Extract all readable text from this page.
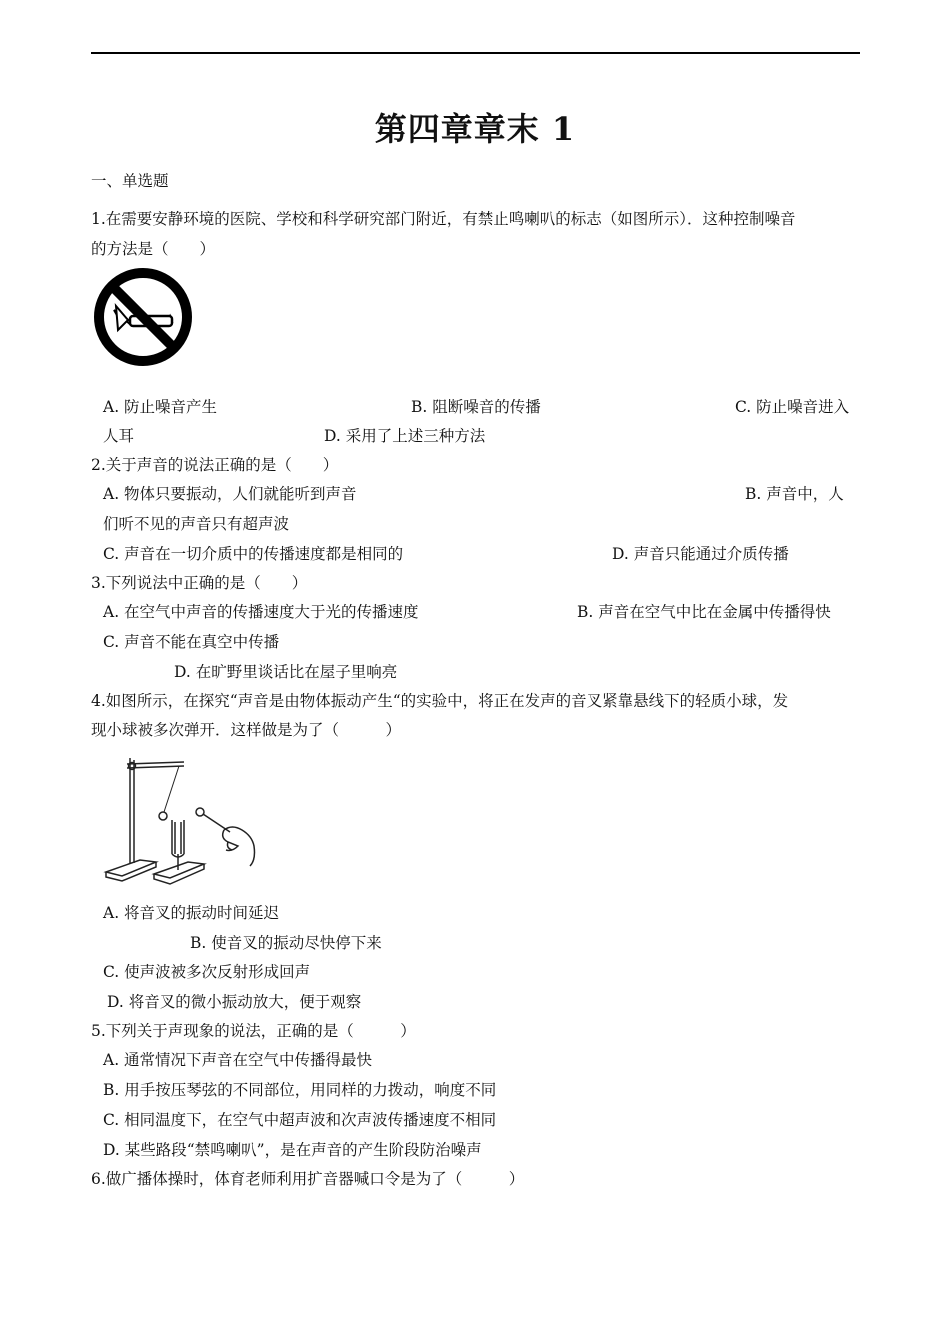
第四章章末 1
一、单选题
1.在需要安静环境的医院、学校和科学研究部门附近，有禁止鸣喇叭的标志（如图所示）．这种控制噪音
的方法是（　　）
A. 防止噪音产生	B. 阻断噪音的传播	C. 防止噪音进入
人耳	D. 采用了上述三种方法
2.关于声音的说法正确的是（　　）
A. 物体只要振动，人们就能听到声音	B. 声音中，人
们听不见的声音只有超声波
C. 声音在一切介质中的传播速度都是相同的	D. 声音只能通过介质传播
3.下列说法中正确的是（　　）
A. 在空气中声音的传播速度大于光的传播速度	B. 声音在空气中比在金属中传播得快
C. 声音不能在真空中传播
D. 在旷野里谈话比在屋子里响亮
4.如图所示，在探究“声音是由物体振动产生“的实验中，将正在发声的音叉紧靠悬线下的轻质小球，发
现小球被多次弹开．这样做是为了（　　　）
A. 将音叉的振动时间延迟
B. 使音叉的振动尽快停下来
C. 使声波被多次反射形成回声
D. 将音叉的微小振动放大，便于观察
5.下列关于声现象的说法，正确的是（　　　）
A. 通常情况下声音在空气中传播得最快
B. 用手按压琴弦的不同部位，用同样的力拨动，响度不同
C. 相同温度下，在空气中超声波和次声波传播速度不相同
D. 某些路段“禁鸣喇叭”，是在声音的产生阶段防治噪声
6.做广播体操时，体育老师利用扩音器喊口令是为了（　　　）
